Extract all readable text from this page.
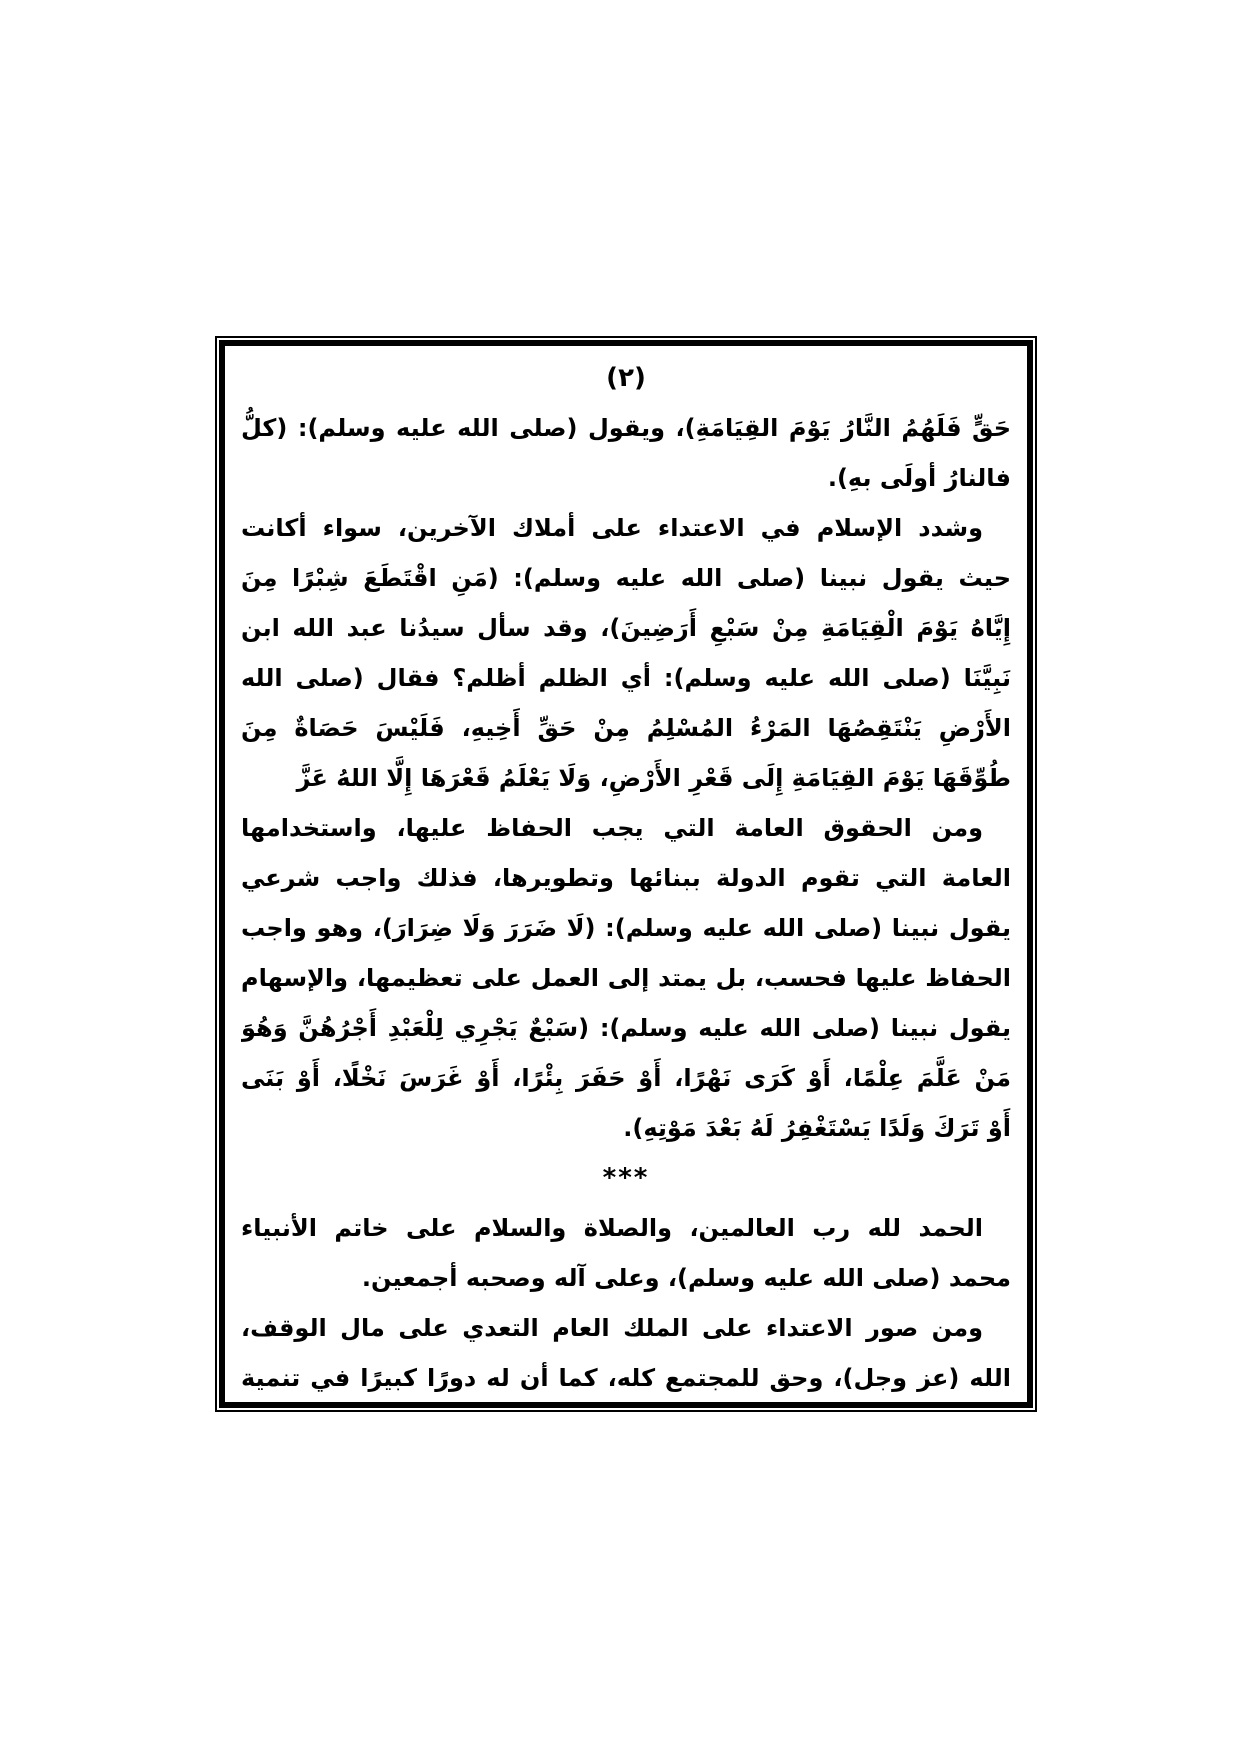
(٢)
حَقٍّ فَلَهُمُ النَّارُ يَوْمَ القِيَامَةِ)، ويقول (صلى الله عليه وسلم): (كلُّ
فالنارُ أولَى بهِ).
وشدد الإسلام في الاعتداء على أملاك الآخرين، سواء أكانت
حيث يقول نبينا (صلى الله عليه وسلم): (مَنِ اقْتَطَعَ شِبْرًا مِنَ
إِيَّاهُ يَوْمَ الْقِيَامَةِ مِنْ سَبْعِ أَرَضِينَ)، وقد سأل سيدُنا عبد الله ابن
نَبِيَّنَا (صلى الله عليه وسلم): أي الظلم أظلم؟ فقال (صلى الله
الأَرْضِ يَنْتَقِصُهَا المَرْءُ المُسْلِمُ مِنْ حَقِّ أَخِيهِ، فَلَيْسَ حَصَاةٌ مِنَ
طُوِّقَهَا يَوْمَ القِيَامَةِ إِلَى قَعْرِ الأَرْضِ، وَلَا يَعْلَمُ قَعْرَهَا إِلَّا اللهُ عَزَّ
ومن الحقوق العامة التي يجب الحفاظ عليها، واستخدامها
العامة التي تقوم الدولة ببنائها وتطويرها، فذلك واجب شرعي
يقول نبينا (صلى الله عليه وسلم): (لَا ضَرَرَ وَلَا ضِرَارَ)، وهو واجب
الحفاظ عليها فحسب، بل يمتد إلى العمل على تعظيمها، والإسهام
يقول نبينا (صلى الله عليه وسلم): (سَبْعٌ يَجْرِي لِلْعَبْدِ أَجْرُهُنَّ وَهُوَ
مَنْ عَلَّمَ عِلْمًا، أَوْ كَرَى نَهْرًا، أَوْ حَفَرَ بِئْرًا، أَوْ غَرَسَ نَخْلًا، أَوْ بَنَى
أَوْ تَرَكَ وَلَدًا يَسْتَغْفِرُ لَهُ بَعْدَ مَوْتِهِ).
***
الحمد لله رب العالمين، والصلاة والسلام على خاتم الأنبياء
محمد (صلى الله عليه وسلم)، وعلى آله وصحبه أجمعين.
ومن صور الاعتداء على الملك العام التعدي على مال الوقف،
الله (عز وجل)، وحق للمجتمع كله، كما أن له دورًا كبيرًا في تنمية
